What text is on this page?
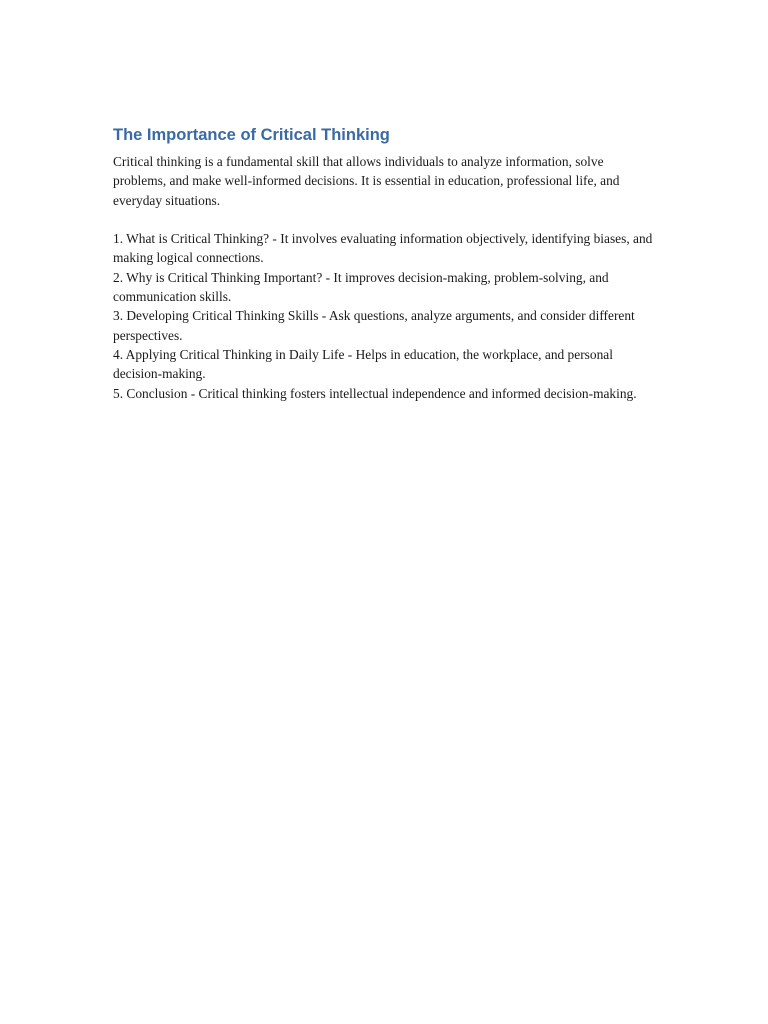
The Importance of Critical Thinking

Critical thinking is a fundamental skill that allows individuals to analyze information, solve problems, and make well-informed decisions. It is essential in education, professional life, and everyday situations.

1. What is Critical Thinking? - It involves evaluating information objectively, identifying biases, and making logical connections.

2. Why is Critical Thinking Important? - It improves decision-making, problem-solving, and communication skills.

3. Developing Critical Thinking Skills - Ask questions, analyze arguments, and consider different perspectives.

4. Applying Critical Thinking in Daily Life - Helps in education, the workplace, and personal decision-making.

5. Conclusion - Critical thinking fosters intellectual independence and informed decision-making.
